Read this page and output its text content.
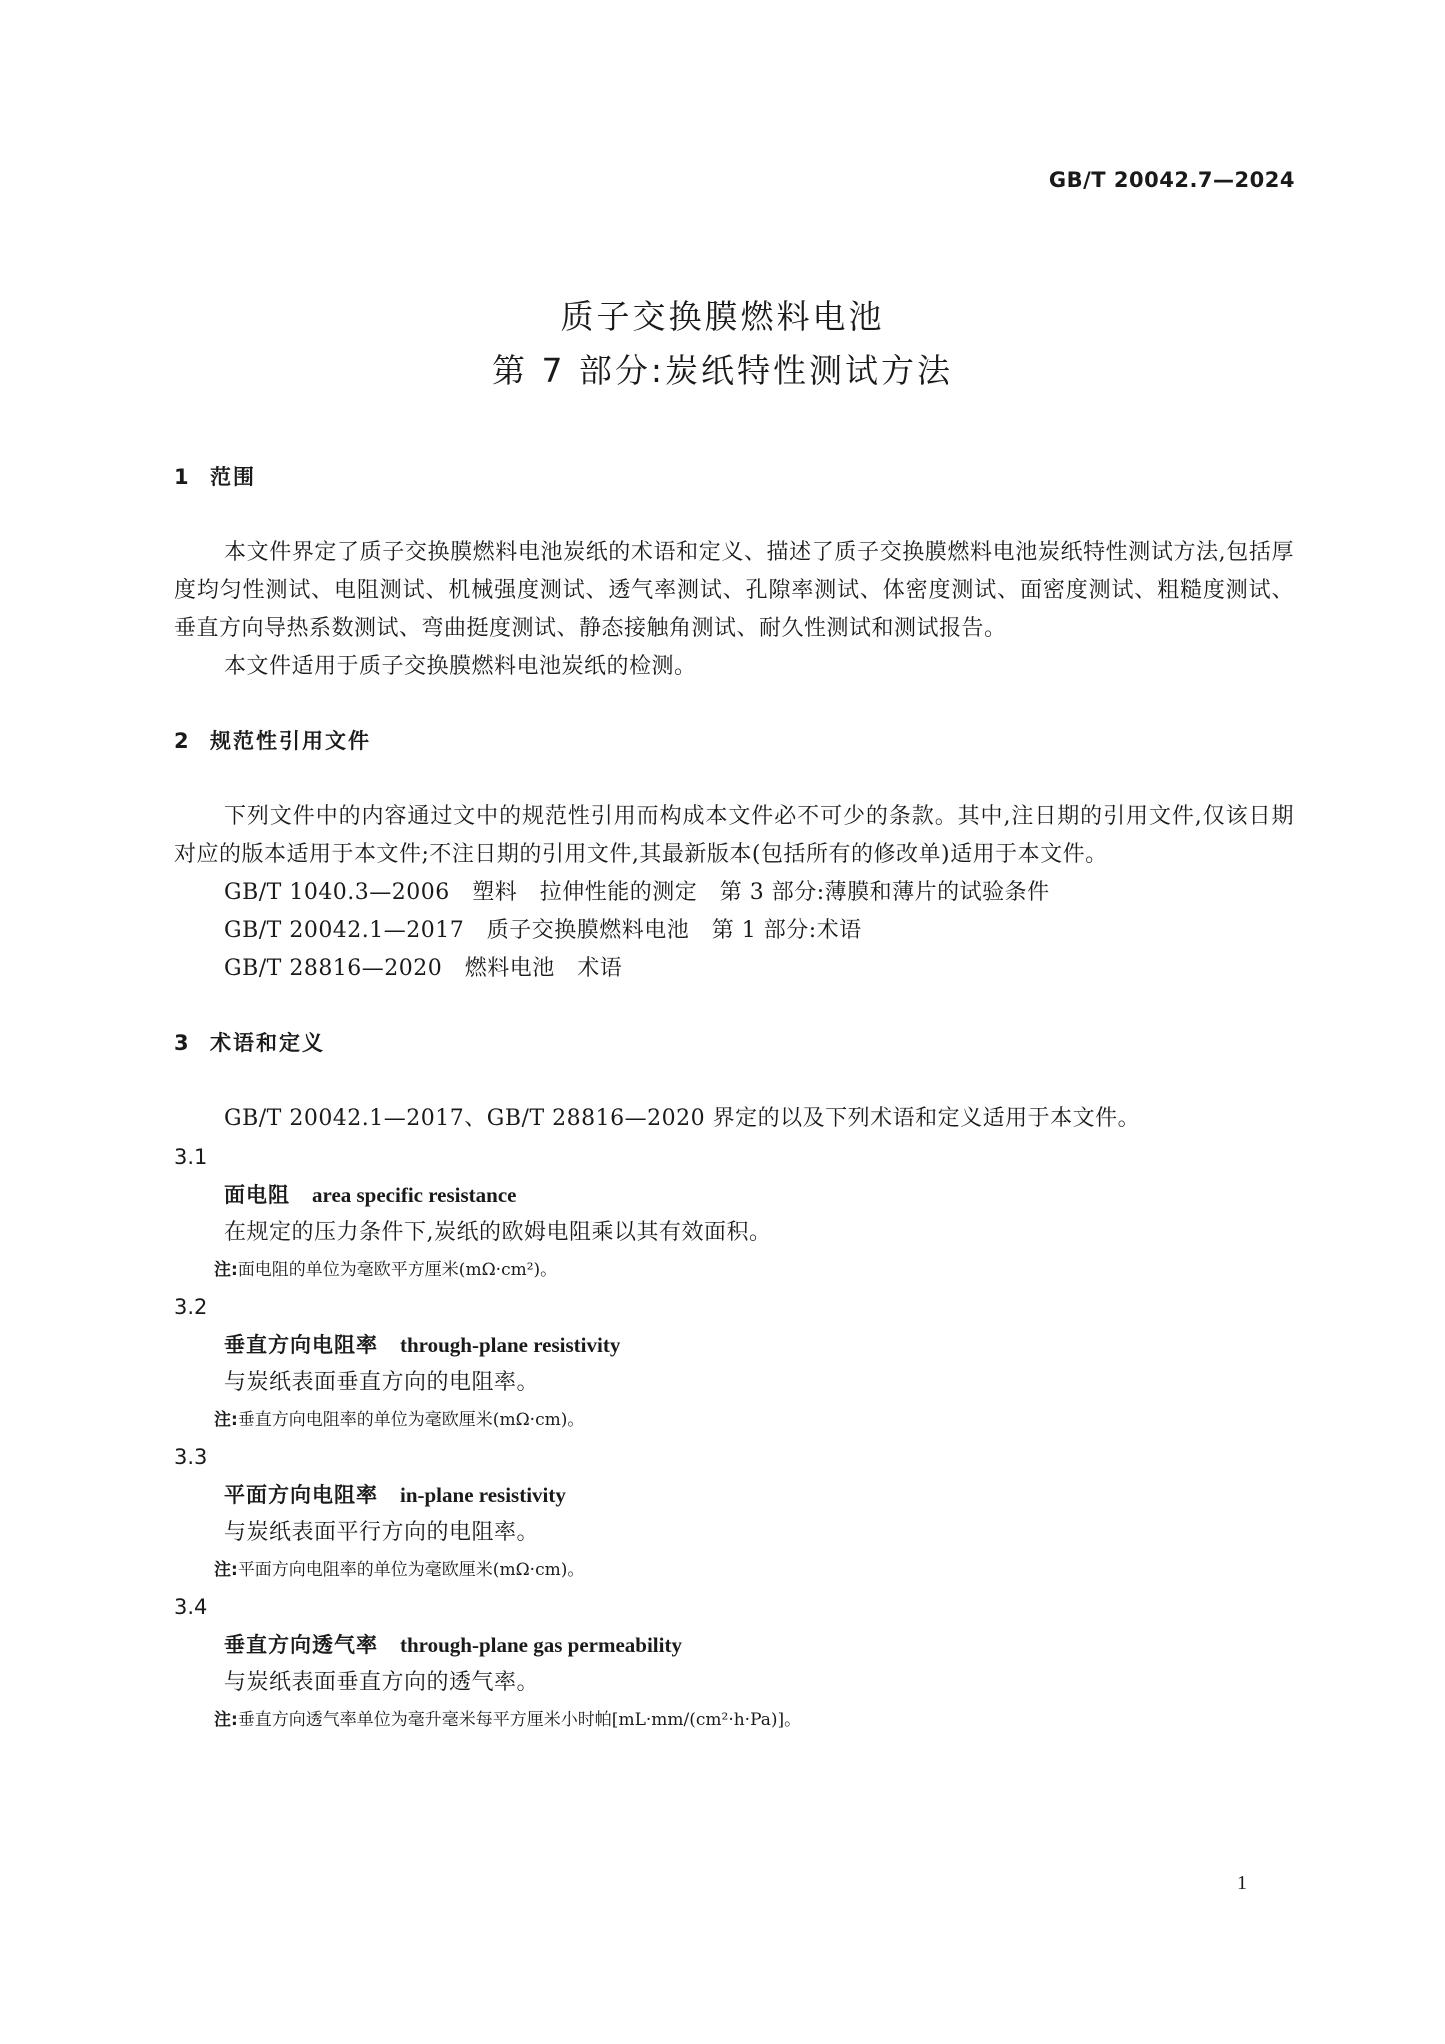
GB/T 20042.7—2024
质子交换膜燃料电池
第 7 部分:炭纸特性测试方法
1 范围

本文件界定了质子交换膜燃料电池炭纸的术语和定义、描述了质子交换膜燃料电池炭纸特性测试方法,包括厚度均匀性测试、电阻测试、机械强度测试、透气率测试、孔隙率测试、体密度测试、面密度测试、粗糙度测试、垂直方向导热系数测试、弯曲挺度测试、静态接触角测试、耐久性测试和测试报告。

本文件适用于质子交换膜燃料电池炭纸的检测。

2 规范性引用文件

下列文件中的内容通过文中的规范性引用而构成本文件必不可少的条款。其中,注日期的引用文件,仅该日期对应的版本适用于本文件;不注日期的引用文件,其最新版本(包括所有的修改单)适用于本文件。

GB/T 1040.3—2006   塑料   拉伸性能的测定   第 3 部分:薄膜和薄片的试验条件

GB/T 20042.1—2017   质子交换膜燃料电池   第 1 部分:术语

GB/T 28816—2020   燃料电池   术语

3 术语和定义

GB/T 20042.1—2017、GB/T 28816—2020 界定的以及下列术语和定义适用于本文件。

3.1

面电阻 area specific resistance

在规定的压力条件下,炭纸的欧姆电阻乘以其有效面积。

注:面电阻的单位为毫欧平方厘米(mΩ·cm²)。

3.2

垂直方向电阻率 through-plane resistivity

与炭纸表面垂直方向的电阻率。

注:垂直方向电阻率的单位为毫欧厘米(mΩ·cm)。

3.3

平面方向电阻率 in-plane resistivity

与炭纸表面平行方向的电阻率。

注:平面方向电阻率的单位为毫欧厘米(mΩ·cm)。

3.4

垂直方向透气率 through-plane gas permeability

与炭纸表面垂直方向的透气率。

注:垂直方向透气率单位为毫升毫米每平方厘米小时帕[mL·mm/(cm²·h·Pa)]。

1
